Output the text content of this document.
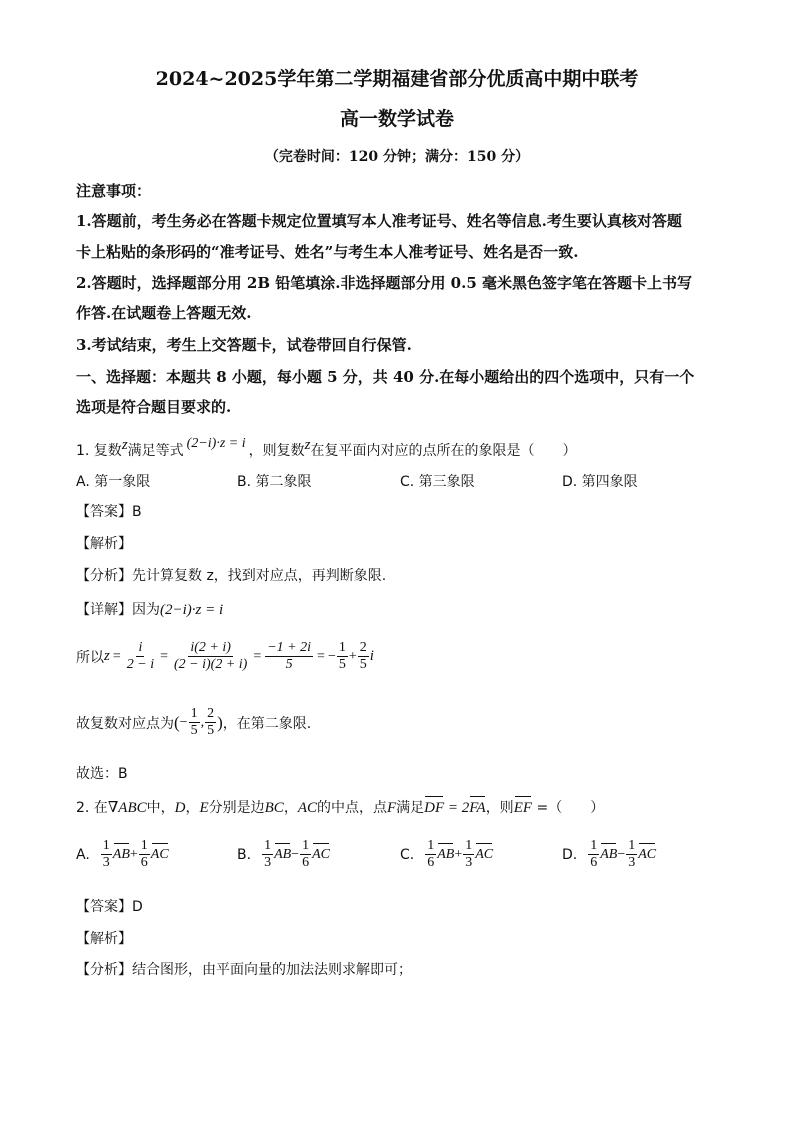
2024~2025学年第二学期福建省部分优质高中期中联考
高一数学试卷
（完卷时间：120 分钟；满分：150 分）
注意事项：
1.答题前，考生务必在答题卡规定位置填写本人准考证号、姓名等信息.考生要认真核对答题
卡上粘贴的条形码的“准考证号、姓名”与考生本人准考证号、姓名是否一致.
2.答题时，选择题部分用 2B 铅笔填涂.非选择题部分用 0.5 毫米黑色签字笔在答题卡上书写
作答.在试题卷上答题无效.
3.考试结束，考生上交答题卡，试卷带回自行保管.
一、选择题：本题共 8 小题，每小题 5 分，共 40 分.在每小题给出的四个选项中，只有一个
选项是符合题目要求的.
1. 复数z满足等式 (2−i)·z = i ，则复数z在复平面内对应的点所在的象限是（　　）
A. 第一象限	B. 第二象限	C. 第三象限	D. 第四象限
【答案】B
【解析】
【分析】先计算复数 z，找到对应点，再判断象限.
【详解】因为(2−i)·z = i
所以 $z = \frac{i}{2 - i} = \frac{i(2 + i)}{(2 - i)(2 + i)} = \frac{-1 + 2i}{5}$ = − $\frac{1}{5} + \frac{2}{5}$ i
故复数对应点为 ( − $\frac{1}{5}$ , $\frac{2}{5}$ ) ，在第二象限.
故选：B
2. 在∇ABC中，D，E分别是边BC，AC的中点，点F满足DF = 2FA，则EF =（　　）
A. $\frac{1}{3}$ AB + $\frac{1}{6}$ AC	B. $\frac{1}{3}$ AB − $\frac{1}{6}$ AC	C. $\frac{1}{6}$ AB + $\frac{1}{3}$ AC	D. $\frac{1}{6}$ AB − $\frac{1}{3}$ AC
【答案】D
【解析】
【分析】结合图形，由平面向量的加法法则求解即可；
